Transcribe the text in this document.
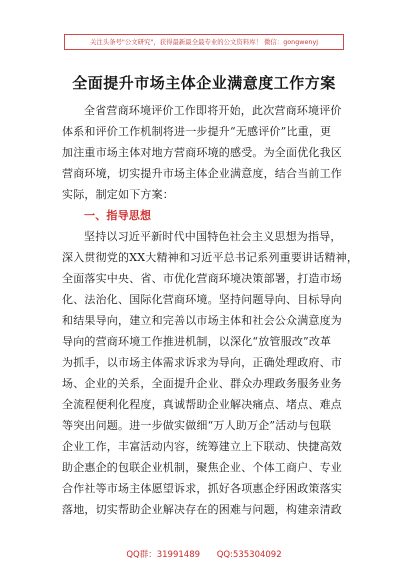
关注头条号"公文研究"，获得最新最全最专业的公文资料库！ 微信：gongwenyj
全面提升市场主体企业满意度工作方案
全省营商环境评价工作即将开始，此次营商环境评价
体系和评价工作机制将进一步提升“无感评价”比重，更
加注重市场主体对地方营商环境的感受。为全面优化我区
营商环境，切实提升市场主体企业满意度，结合当前工作
实际，制定如下方案：
一、指导思想
坚持以习近平新时代中国特色社会主义思想为指导，
深入贯彻党的XX大精神和习近平总书记系列重要讲话精神，
全面落实中央、省、市优化营商环境决策部署，打造市场
化、法治化、国际化营商环境。坚持问题导向、目标导向
和结果导向，建立和完善以市场主体和社会公众满意度为
导向的营商环境工作推进机制，以深化“放管服改”改革
为抓手，以市场主体需求诉求为导向，正确处理政府、市
场、企业的关系，全面提升企业、群众办理政务服务业务
全流程便利化程度，真诚帮助企业解决痛点、堵点、难点
等突出问题。进一步做实做细“万人助万企”活动与包联
企业工作，丰富活动内容，统筹建立上下联动、快捷高效
助企惠企的包联企业机制，聚焦企业、个体工商户、专业
合作社等市场主体愿望诉求，抓好各项惠企纾困政策落实
落地，切实帮助企业解决存在的困难与问题，构建亲清政
QQ群：31991489 QQ:535304092
